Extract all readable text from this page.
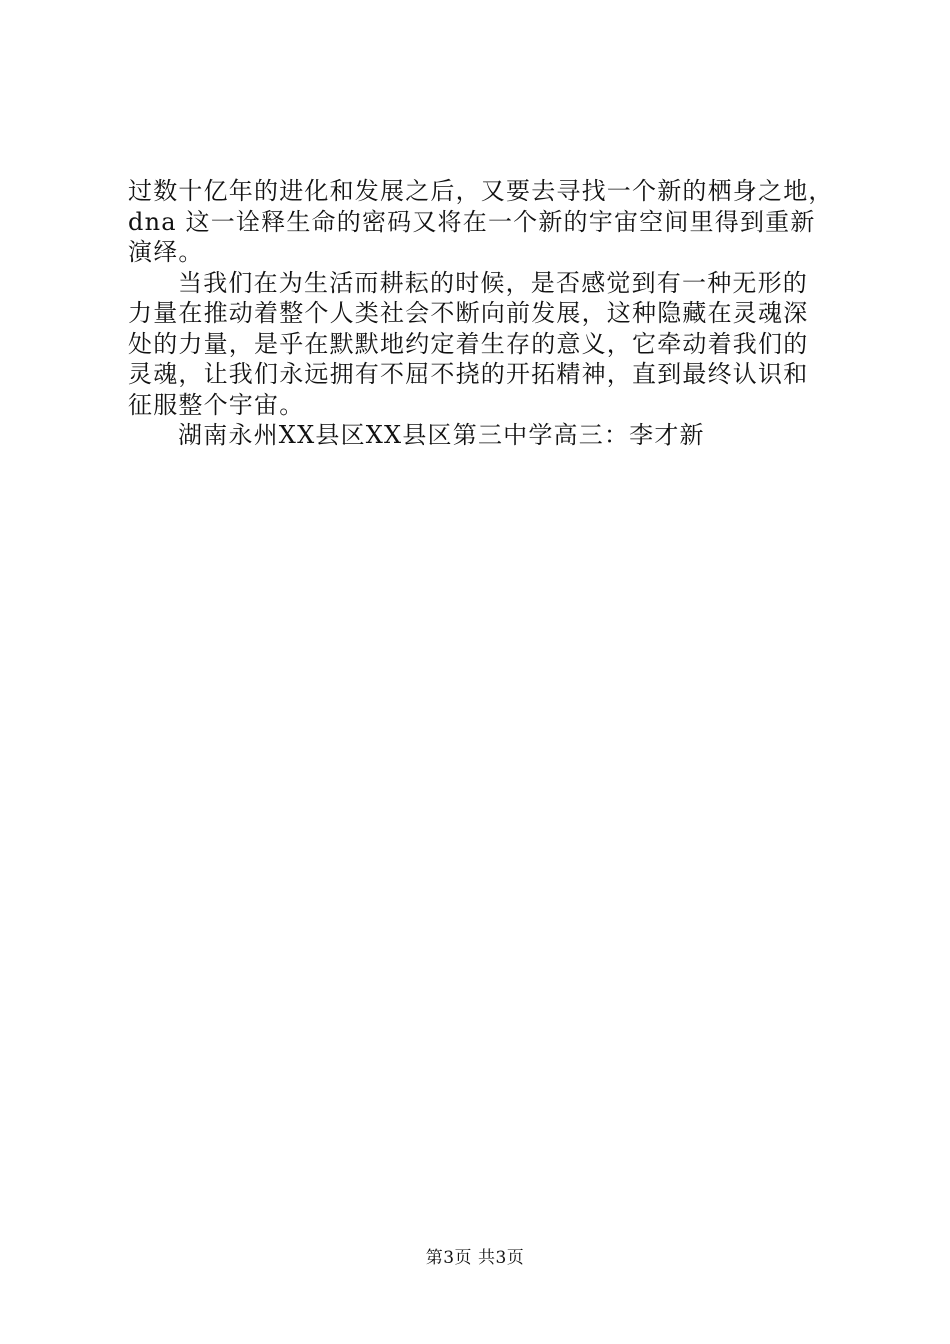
过数十亿年的进化和发展之后，又要去寻找一个新的栖身之地，
dna 这一诠释生命的密码又将在一个新的宇宙空间里得到重新
演绎。
当我们在为生活而耕耘的时候，是否感觉到有一种无形的
力量在推动着整个人类社会不断向前发展，这种隐藏在灵魂深
处的力量，是乎在默默地约定着生存的意义，它牵动着我们的
灵魂，让我们永远拥有不屈不挠的开拓精神，直到最终认识和
征服整个宇宙。
湖南永州XX县区XX县区第三中学高三：李才新
第3页 共3页
